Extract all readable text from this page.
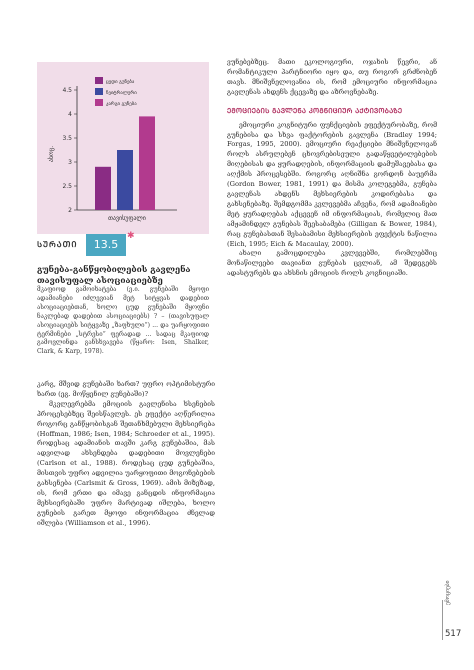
4.5
4
3.5
3
2.5
2
ასოც.
თავისუფალი
ცუდი გუნება
ნეიტრალური
კარგი გუნება
ᲡᲣᲠᲐᲗᲘ	13.5
✱
გუნება-განწყობილების გავლენა თავისუფალ ასოციაციებზე
მკაფიოდ გამოიხატება (ე.ი. გუნებაში მყოფი ადამიანები იძლევიან მეტ სიტყვას დადებით ასოციაციებთან, ხოლო ცუდ გუნებაში მყოფნი ნაკლებად დადებით ასოციაციებს) ? – (თავისუფალ ასოციაციებს სიტყვაზე „ზაფხული“) ... და უარყოფითი ტერმინები „სტრესი“ ფერადად ... სადაც მკაფიოდ გამოვლინდა განსხვავება (წყარო: Isen, Shalker, Clark, & Karp, 1978).

კარგ, მშვიდ გუნებაში ხართ? უფრო ოპტიმისტური ხართ (ეგ. მოწყენილ გუნებაში)?

მკვლევრებმა ემოციის გავლენისა ხსენების პროცესებზეც შეისწავლეს. ეს ეფექტი აღწერილია როგორც განწყობისგან შეთანხმებული მეხსიერება (Hoffman, 1986; Isen, 1984; Schroeder et al., 1995). როდესაც ადამიანის თავში კარგ გუნებაშია, მას ადვილად ახსენდება დადებითი მოვლენები (Carlson et al., 1988). როდესაც ცუდ გუნებაშია, მისთვის უფრო ადვილია უარყოფითი მოგონებების გახსენება (Carlsmit & Gross, 1969). ამის მიზეზად, ის, რომ ერთი და იმავე განცდის ინფორმაცია მეხსიერებაში უფრო მარტივად იშლება, ხოლო გუნების გარეთ მყოფი ინფორმაცია ძნელად იშლება (Williamson et al., 1996).

ვუნებებზეც. მათი ეკოლოგიური, ოჯახის წევრი, ან რომანტიკული პარტნიორი იყო და, თუ როგორ გრძნობენ თავს. მნიშვნელოვანია ის, რომ ემოციური ინფორმაცია გავლენას ახდენს ქცევაზე და აზროვნებაზე.

ᲔᲛᲝᲪᲘᲔᲑᲘᲡ ᲒᲐᲕᲚᲔᲜᲐ ᲙᲝᲒᲜᲘᲪᲘᲣᲠ ᲐᲥᲢᲘᲕᲝᲑᲐᲖᲔ

ემოციური კოგნიტური ფუნქციების ეფექტურობაზე, რომ გუნებისა და სხვა ფაქტორების გავლენა (Bradley 1994; Forgas, 1995, 2000). ემოციური რეაქციები მნიშვნელოვან როლს ასრულებენ ცხოვრებისეული გადაწყვეტილებების მიღებისას და ყურადღების, ინფორმაციის დამუშავებასა და აღქმის პროცესებში. როგორც აღნიშნა გორდონ ბაუერმა (Gordon Bower, 1981, 1991) და მისმა კოლეგებმა, გუნება გავლენას ახდენს მეხსიერების კოდირებასა და გახსენებაზე. შემდგომმა კვლევებმა აჩვენა, რომ ადამიანები მეტ ყურადღებას აქცევენ იმ ინფორმაციას, რომელიც მათ ამჟამინდელ გუნებას შეესაბამება (Gilligan & Bower, 1984), რაც გუნებასთან შესაბამისი მეხსიერების ეფექტის ნაწილია (Eich, 1995; Eich & Macaulay, 2000).

ახალი გამოცდილება კვლევებში, რომლებშიც მონაწილეები თავიანთ გუნებას ცვლიან, ამ შედეგებს ადასტურებს და ახსნის ემოციის როლს კოგნიციაში.

ემოციები
517
